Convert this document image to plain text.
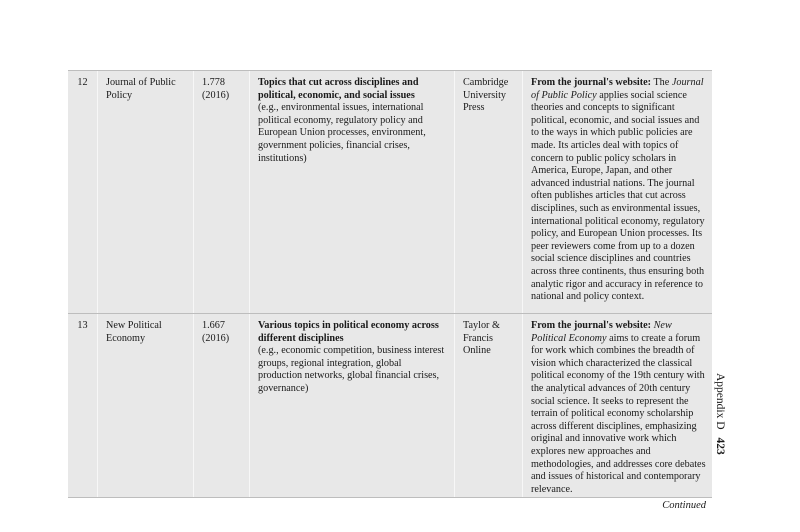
12	Journal of Public Policy
1.778
(2016)
Topics that cut across disciplines and political, economic, and social issues
(e.g., environmental issues, international political economy, regulatory policy and European Union processes, environment, government policies, financial crises, institutions)
Cambridge University Press
From the journal's website: The Journal of Public Policy applies social science theories and concepts to significant political, economic, and social issues and to the ways in which public policies are made. Its articles deal with topics of concern to public policy scholars in America, Europe, Japan, and other advanced industrial nations. The journal often publishes articles that cut across disciplines, such as environmental issues, international political economy, regulatory policy, and European Union processes. Its peer reviewers come from up to a dozen social science disciplines and countries across three continents, thus ensuring both analytic rigor and accuracy in reference to national and policy context.
13	New Political Economy
1.667
(2016)
Various topics in political economy across different disciplines
(e.g., economic competition, business interest groups, regional integration, global production networks, global financial crises, governance)
Taylor & Francis Online
From the journal's website: New Political Economy aims to create a forum for work which combines the breadth of vision which characterized the classical political economy of the 19th century with the analytical advances of 20th century social science. It seeks to represent the terrain of political economy scholarship across different disciplines, emphasizing original and innovative work which explores new approaches and methodologies, and addresses core debates and issues of historical and contemporary relevance.
Continued
Appendix D
423
